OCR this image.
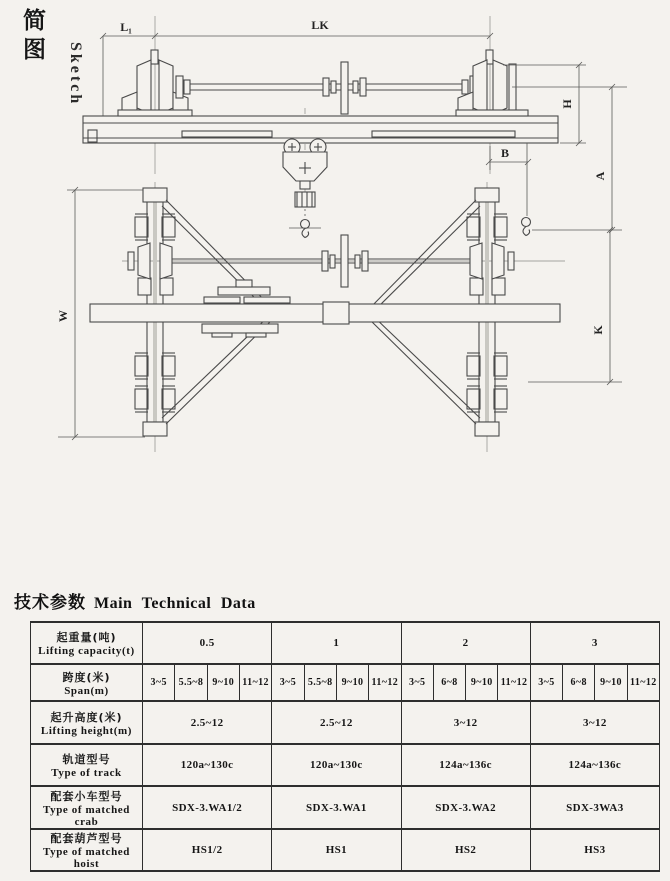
简图
Sketch
L₁	LK
H
A
B
W
K
技术参数 Main Technical Data
起重量(吨)
Lifting capacity(t)	0.5				1				2				3			

跨度(米)
Span(m)	3~5	5.5~8	9~10	11~12	3~5	5.5~8	9~10	11~12	3~5	6~8	9~10	11~12	3~5	6~8	9~10	11~12

起升高度(米)
Lifting height(m)	2.5~12				2.5~12				3~12				3~12			

轨道型号
Type of track	120a~130c				120a~130c				124a~136c				124a~136c			

配套小车型号
Type of matched crab	SDX-3.WA1/2				SDX-3.WA1				SDX-3.WA2				SDX-3WA3			

配套葫芦型号
Type of matched hoist	HS1/2				HS1				HS2				HS3			
